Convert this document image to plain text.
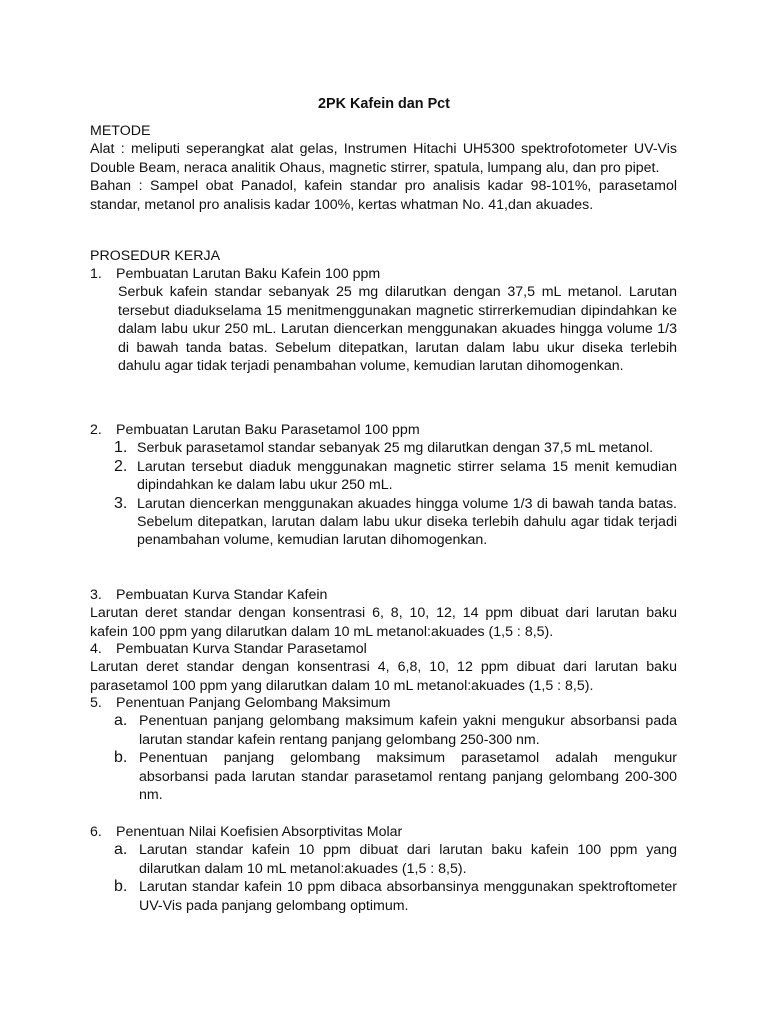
2PK Kafein dan Pct
METODE
Alat : meliputi seperangkat alat gelas, Instrumen Hitachi UH5300 spektrofotometer UV-Vis Double Beam, neraca analitik Ohaus, magnetic stirrer, spatula, lumpang alu, dan pro pipet.
Bahan : Sampel obat Panadol, kafein standar pro analisis kadar 98-101%, parasetamol standar, metanol pro analisis kadar 100%, kertas whatman No. 41,dan akuades.
PROSEDUR KERJA
1. Pembuatan Larutan Baku Kafein 100 ppm
Serbuk kafein standar sebanyak 25 mg dilarutkan dengan 37,5 mL metanol. Larutan tersebut diadukselama 15 menitmenggunakan magnetic stirrerkemudian dipindahkan ke dalam labu ukur 250 mL. Larutan diencerkan menggunakan akuades hingga volume 1/3 di bawah tanda batas. Sebelum ditepatkan, larutan dalam labu ukur diseka terlebih dahulu agar tidak terjadi penambahan volume, kemudian larutan dihomogenkan.
2. Pembuatan Larutan Baku Parasetamol 100 ppm
1. Serbuk parasetamol standar sebanyak 25 mg dilarutkan dengan 37,5 mL metanol.
2. Larutan tersebut diaduk menggunakan magnetic stirrer selama 15 menit kemudian dipindahkan ke dalam labu ukur 250 mL.
3. Larutan diencerkan menggunakan akuades hingga volume 1/3 di bawah tanda batas. Sebelum ditepatkan, larutan dalam labu ukur diseka terlebih dahulu agar tidak terjadi penambahan volume, kemudian larutan dihomogenkan.
3. Pembuatan Kurva Standar Kafein
Larutan deret standar dengan konsentrasi 6, 8, 10, 12, 14 ppm dibuat dari larutan baku kafein 100 ppm yang dilarutkan dalam 10 mL metanol:akuades (1,5 : 8,5).
4. Pembuatan Kurva Standar Parasetamol
Larutan deret standar dengan konsentrasi 4, 6,8, 10, 12 ppm dibuat dari larutan baku parasetamol 100 ppm yang dilarutkan dalam 10 mL metanol:akuades (1,5 : 8,5).
5. Penentuan Panjang Gelombang Maksimum
a. Penentuan panjang gelombang maksimum kafein yakni mengukur absorbansi pada larutan standar kafein rentang panjang gelombang 250-300 nm.
b. Penentuan panjang gelombang maksimum parasetamol adalah mengukur absorbansi pada larutan standar parasetamol rentang panjang gelombang 200-300 nm.
6. Penentuan Nilai Koefisien Absorptivitas Molar
a. Larutan standar kafein 10 ppm dibuat dari larutan baku kafein 100 ppm yang dilarutkan dalam 10 mL metanol:akuades (1,5 : 8,5).
b. Larutan standar kafein 10 ppm dibaca absorbansinya menggunakan spektroftometer UV-Vis pada panjang gelombang optimum.
